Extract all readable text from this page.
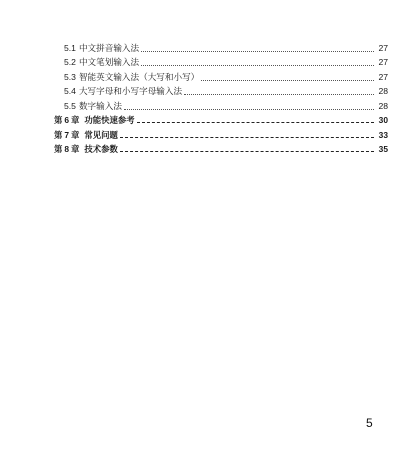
5.1 中文拼音输入法	27
5.2 中文笔划输入法	27
5.3 智能英文输入法（大写和小写）	27
5.4 大写字母和小写字母输入法	28
5.5 数字输入法	28
第 6 章 功能快速参考	30
第 7 章 常见问题	33
第 8 章 技术参数	35
5
